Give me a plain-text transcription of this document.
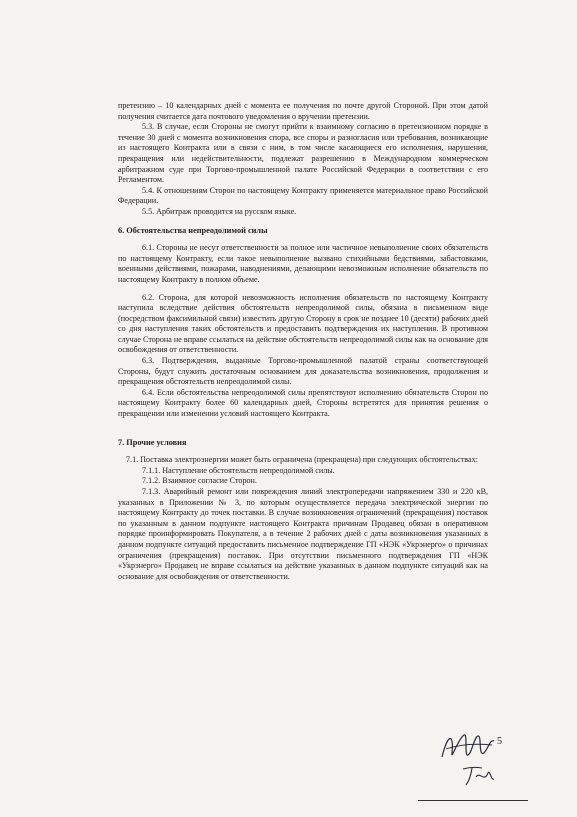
претензию – 10 календарных дней с момента ее получения по почте другой Стороной. При этом датой получения считается дата почтового уведомления о вручении претензии.

5.3. В случае, если Стороны не смогут прийти к взаимному согласию в претензионном порядке в течение 30 дней с момента возникновения спора, все споры и разногласия или требования, возникающие из настоящего Контракта или в связи с ним, в том числе касающиеся его исполнения, нарушения, прекращения или недействительности, подлежат разрешению в Международном коммерческом арбитражном суде при Торгово-промышленной палате Российской Федерации в соответствии с его Регламентом.

5.4. К отношениям Сторон по настоящему Контракту применяется материальное право Российской Федерации.

5.5. Арбитраж проводится на русском языке.

6. Обстоятельства непреодолимой силы

6.1. Стороны не несут ответственности за полное или частичное невыполнение своих обязательств по настоящему Контракту, если такое невыполнение вызвано стихийными бедствиями, забастовками, военными действиями, пожарами, наводнениями, делающими невозможным исполнение обязательств по настоящему Контракту в полном объеме.

6.2. Сторона, для которой невозможность исполнения обязательств по настоящему Контракту наступила вследствие действия обстоятельств непреодолимой силы, обязана в письменном виде (посредством факсимильной связи) известить другую Сторону в срок не позднее 10 (десяти) рабочих дней со дня наступления таких обстоятельств и предоставить подтверждения их наступления. В противном случае Сторона не вправе ссылаться на действие обстоятельств непреодолимой силы как на основание для освобождения от ответственности.

6.3. Подтверждения, выданные Торгово-промышленной палатой страны соответствующей Стороны, будут служить достаточным основанием для доказательства возникновения, продолжения и прекращения обстоятельств непреодолимой силы.

6.4. Если обстоятельства непреодолимой силы препятствуют исполнению обязательств Сторон по настоящему Контракту более 60 календарных дней, Стороны встретятся для принятия решения о прекращении или изменении условий настоящего Контракта.

7. Прочие условия

7.1. Поставка электроэнергии может быть ограничена (прекращена) при следующих обстоятельствах:

7.1.1. Наступление обстоятельств непреодолимой силы.

7.1.2. Взаимное согласие Сторон.

7.1.3. Аварийный ремонт или повреждения линий электропередачи напряжением 330 и 220 кВ, указанных в Приложении № 3, по которым осуществляется передача электрической энергии по настоящему Контракту до точек поставки. В случае возникновения ограничений (прекращения) поставок по указанным в данном подпункте настоящего Контракта причинам Продавец обязан в оперативном порядке проинформировать Покупателя, а в течение 2 рабочих дней с даты возникновения указанных в данном подпункте ситуаций предоставить письменное подтверждение ГП «НЭК «Укрэнерго» о причинах ограничения (прекращения) поставок. При отсутствии письменного подтверждения ГП «НЭК «Укрэнерго» Продавец не вправе ссылаться на действие указанных в данном подпункте ситуаций как на основание для освобождения от ответственности.

5
